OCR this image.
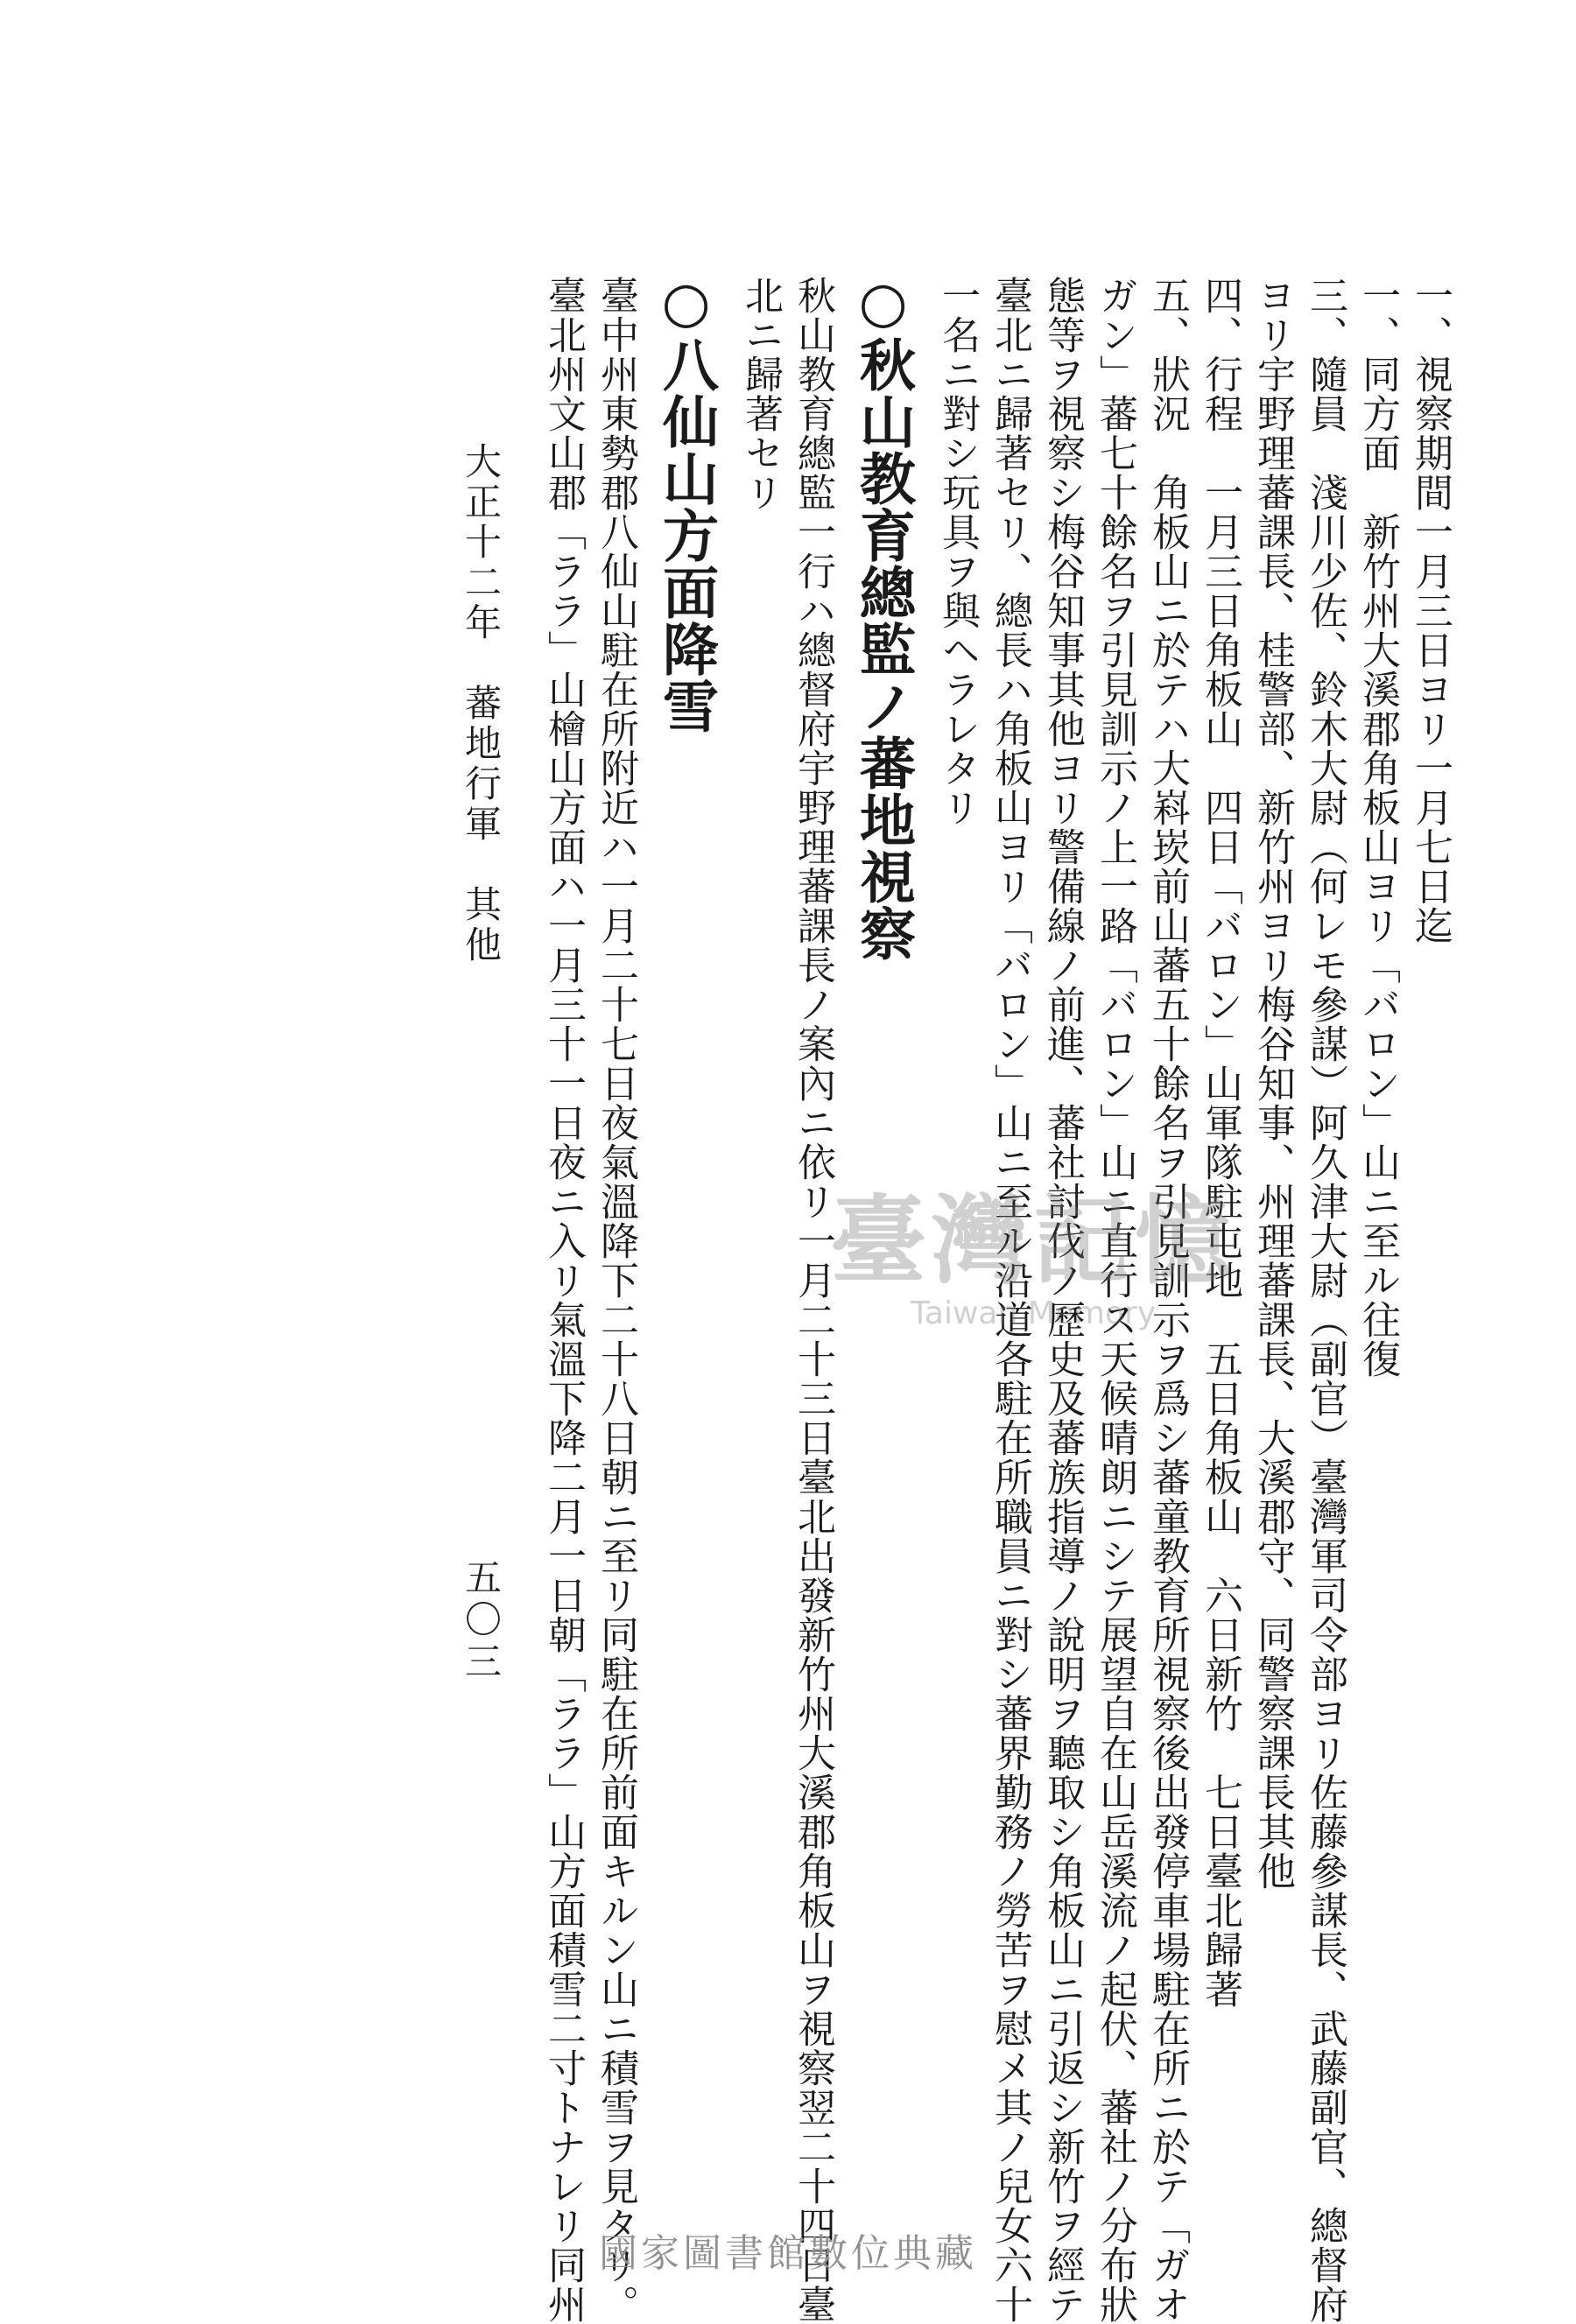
一、視察期間一月三日ヨリ一月七日迄
一、同方面　新竹州大溪郡角板山ヨリ「バロン」山ニ至ル往復
三、隨員　淺川少佐、鈴木大尉（何レモ參謀）阿久津大尉（副官）臺灣軍司令部ヨリ佐藤參謀長、武藤副官、總督府
ヨリ宇野理蕃課長、桂警部、新竹州ヨリ梅谷知事、州理蕃課長、大溪郡守、同警察課長其他
四、行程　一月三日角板山　四日「バロン」山軍隊駐屯地　五日角板山　六日新竹　七日臺北歸著
五、狀況　角板山ニ於テハ大嵙崁前山蕃五十餘名ヲ引見訓示ヲ爲シ蕃童教育所視察後出發停車場駐在所ニ於テ「ガオ
ガン」蕃七十餘名ヲ引見訓示ノ上一路「バロン」山ニ直行ス天候晴朗ニシテ展望自在山岳溪流ノ起伏、蕃社ノ分布狀
態等ヲ視察シ梅谷知事其他ヨリ警備線ノ前進、蕃社討伐ノ歷史及蕃族指導ノ說明ヲ聽取シ角板山ニ引返シ新竹ヲ經テ
臺北ニ歸著セリ、總長ハ角板山ヨリ「バロン」山ニ至ル沿道各駐在所職員ニ對シ蕃界勤務ノ勞苦ヲ慰メ其ノ兒女六十
一名ニ對シ玩具ヲ與ヘラレタリ
○秋山教育總監ノ蕃地視察
秋山教育總監一行ハ總督府宇野理蕃課長ノ案內ニ依リ一月二十三日臺北出發新竹州大溪郡角板山ヲ視察翌二十四日臺
北ニ歸著セリ
○八仙山方面降雪
臺中州東勢郡八仙山駐在所附近ハ一月二十七日夜氣溫降下二十八日朝ニ至リ同駐在所前面キルン山ニ積雪ヲ見タリ。
臺北州文山郡「ララ」山檜山方面ハ一月三十一日夜ニ入リ氣溫下降二月一日朝「ララ」山方面積雪二寸トナレリ同州
大正十二年　蕃地行軍　其他
五〇三
臺灣記憶
Taiwan Memory
國家圖書館數位典藏
